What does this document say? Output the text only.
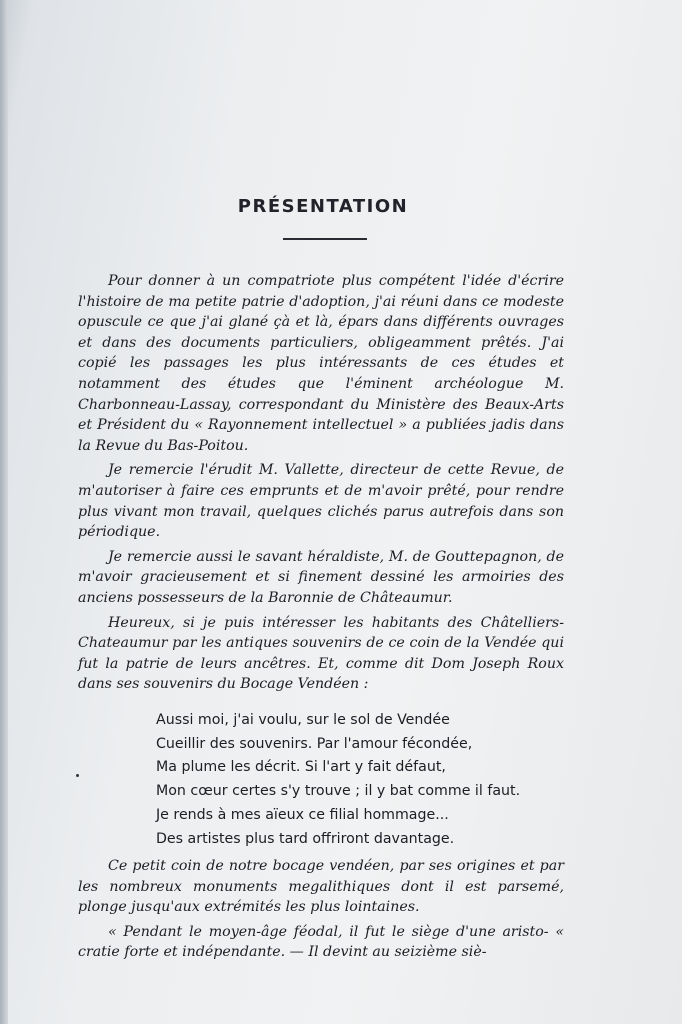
PRÉSENTATION

Pour donner à un compatriote plus compétent l'idée d'écrire l'histoire de ma petite patrie d'adoption, j'ai réuni dans ce modeste opuscule ce que j'ai glané çà et là, épars dans différents ouvrages et dans des documents particuliers, obligeamment prêtés. J'ai copié les passages les plus intéressants de ces études et notamment des études que l'éminent archéologue M. Charbonneau-Lassay, correspondant du Ministère des Beaux-Arts et Président du « Rayonnement intellectuel » a publiées jadis dans la Revue du Bas-Poitou.

Je remercie l'érudit M. Vallette, directeur de cette Revue, de m'autoriser à faire ces emprunts et de m'avoir prêté, pour rendre plus vivant mon travail, quelques clichés parus autrefois dans son périodique.

Je remercie aussi le savant héraldiste, M. de Gouttepagnon, de m'avoir gracieusement et si finement dessiné les armoiries des anciens possesseurs de la Baronnie de Châteaumur.

Heureux, si je puis intéresser les habitants des Châtelliers-Chateaumur par les antiques souvenirs de ce coin de la Vendée qui fut la patrie de leurs ancêtres. Et, comme dit Dom Joseph Roux dans ses souvenirs du Bocage Vendéen :

Aussi moi, j'ai voulu, sur le sol de Vendée
Cueillir des souvenirs. Par l'amour fécondée,
Ma plume les décrit. Si l'art y fait défaut,
Mon cœur certes s'y trouve ; il y bat comme il faut.
Je rends à mes aïeux ce filial hommage...
Des artistes plus tard offriront davantage.

Ce petit coin de notre bocage vendéen, par ses origines et par les nombreux monuments megalithiques dont il est parsemé, plonge jusqu'aux extrémités les plus lointaines.

« Pendant le moyen-âge féodal, il fut le siège d'une aristo- « cratie forte et indépendante. — Il devint au seizième siè-
